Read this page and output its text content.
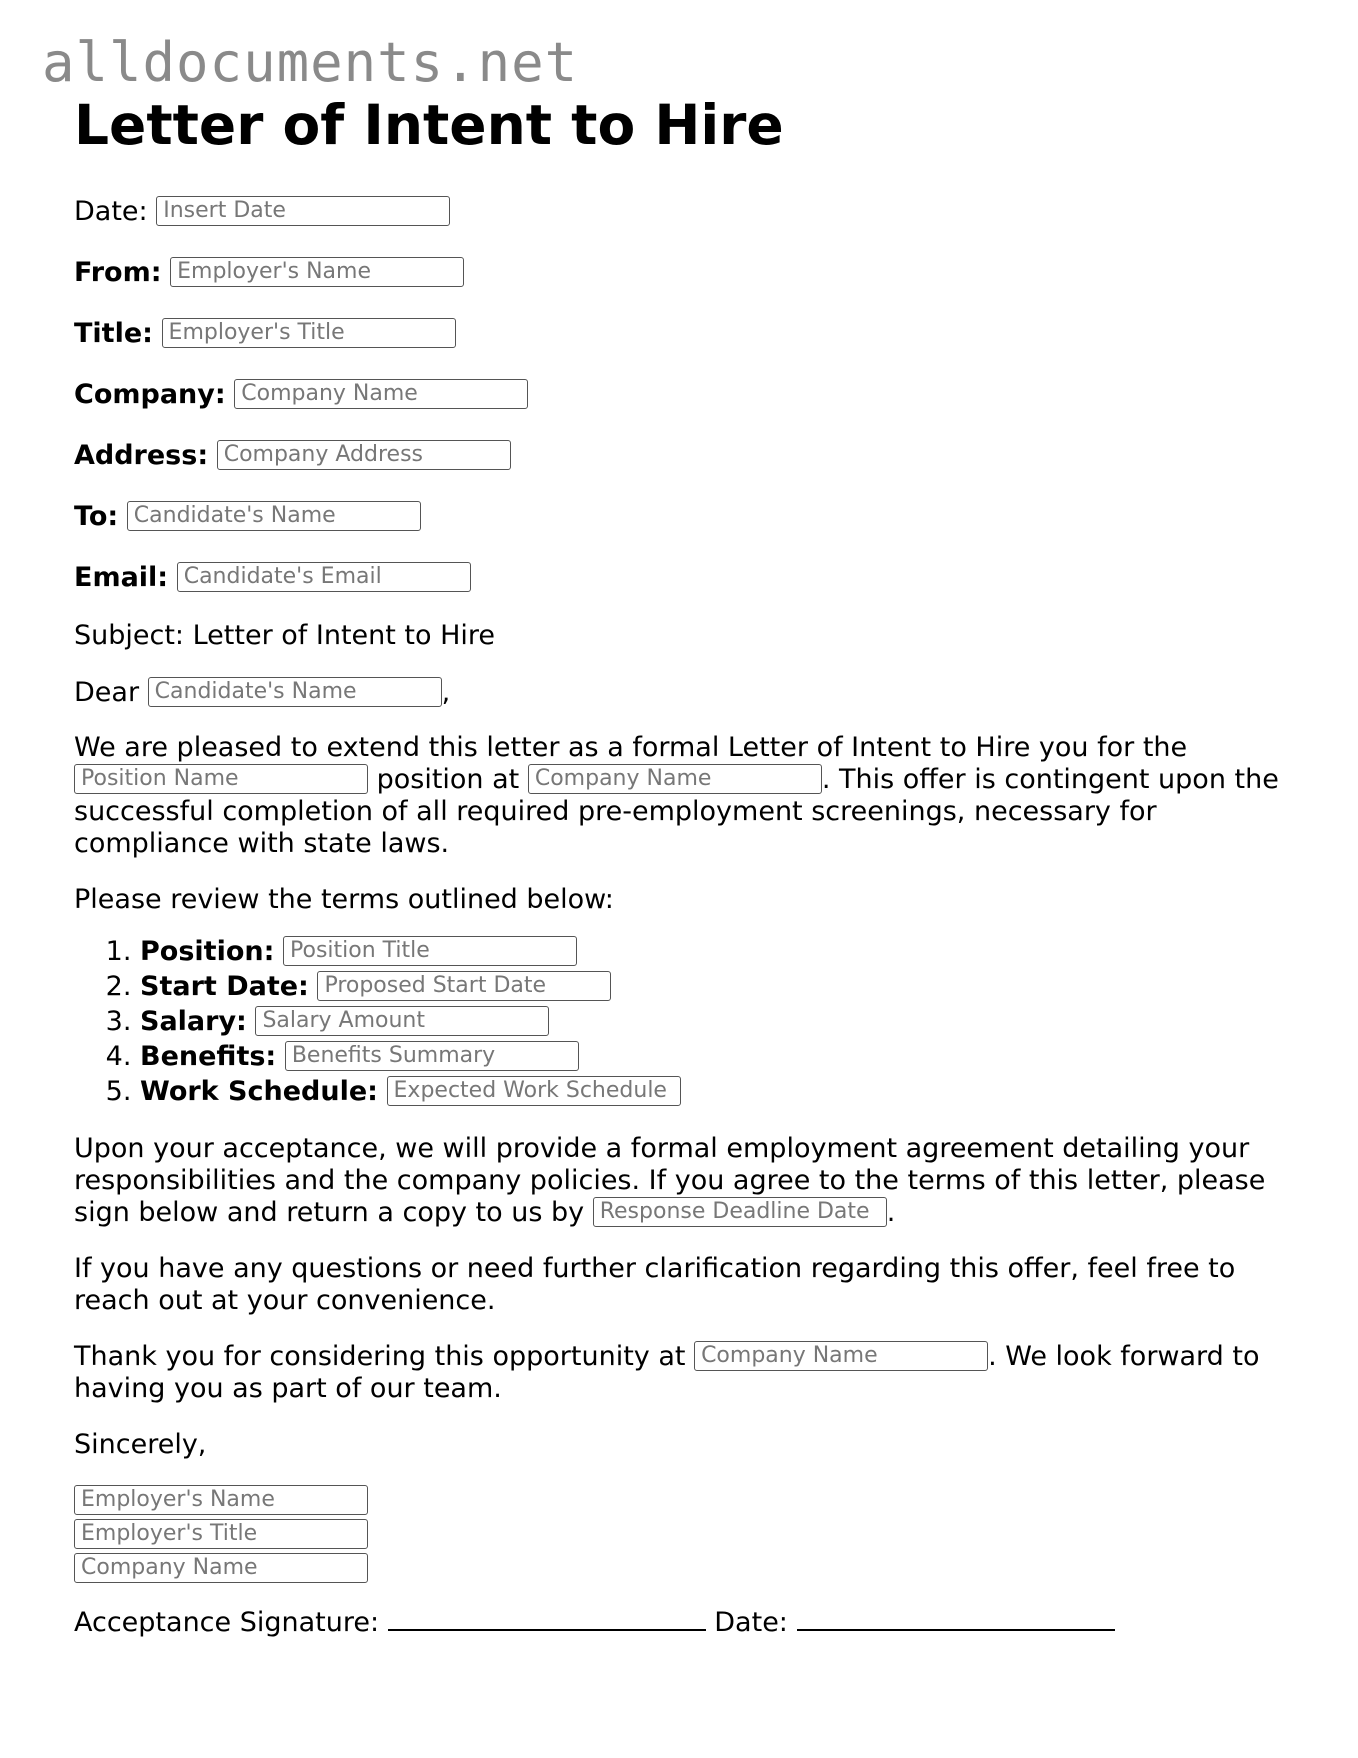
alldocuments.net
Letter of Intent to Hire
Date: Insert Date
From: Employer's Name
Title: Employer's Title
Company: Company Name
Address: Company Address
To: Candidate's Name
Email: Candidate's Email

Subject: Letter of Intent to Hire

Dear Candidate's Name	,

We are pleased to extend this letter as a formal Letter of Intent to Hire you for the Position Name	position at Company Name	. This offer is contingent upon the successful completion of all required pre-employment screenings, necessary for compliance with state laws.

Please review the terms outlined below:

1. Position: Position Title
2. Start Date: Proposed Start Date
3. Salary: Salary Amount
4. Benefits: Benefits Summary
5. Work Schedule: Expected Work Schedule

Upon your acceptance, we will provide a formal employment agreement detailing your responsibilities and the company policies. If you agree to the terms of this letter, please sign below and return a copy to us by Response Deadline Date .

If you have any questions or need further clarification regarding this offer, feel free to reach out at your convenience.

Thank you for considering this opportunity at Company Name	. We look forward to having you as part of our team.

Sincerely,

Employer's Name
Employer's Title
Company Name

Acceptance Signature:	Date:
